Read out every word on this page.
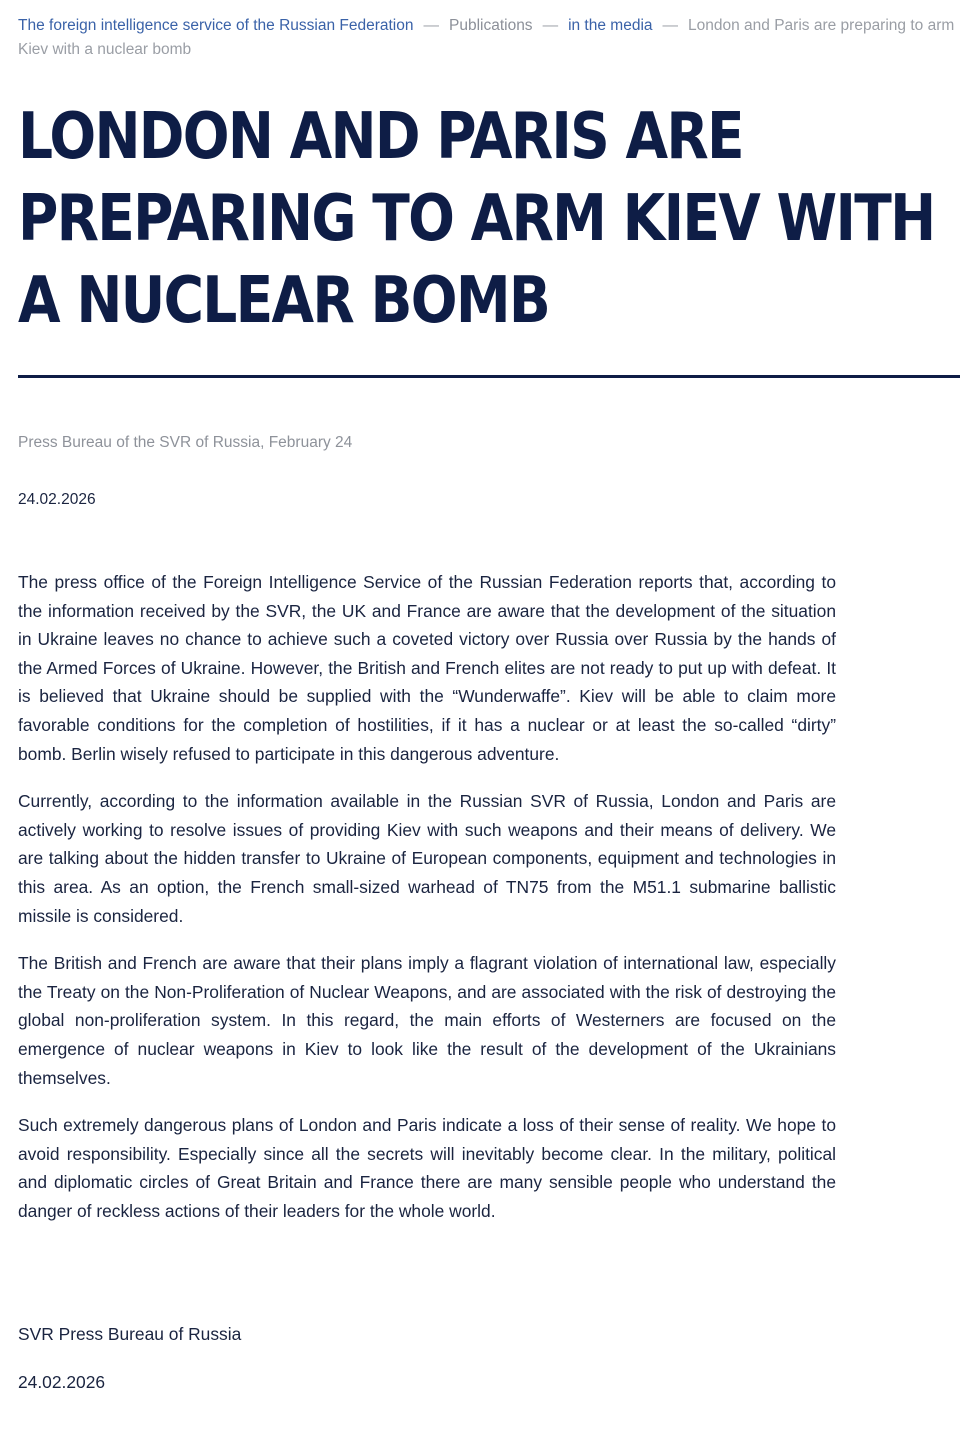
The foreign intelligence service of the Russian Federation — Publications — in the media — London and Paris are preparing to arm
Kiev with a nuclear bomb
LONDON AND PARIS ARE PREPARING TO ARM KIEV WITH A NUCLEAR BOMB
Press Bureau of the SVR of Russia, February 24
24.02.2026

The press office of the Foreign Intelligence Service of the Russian Federation reports that, according to the information received by the SVR, the UK and France are aware that the development of the situation in Ukraine leaves no chance to achieve such a coveted victory over Russia over Russia by the hands of the Armed Forces of Ukraine. However, the British and French elites are not ready to put up with defeat. It is believed that Ukraine should be supplied with the “Wunderwaffe”. Kiev will be able to claim more favorable conditions for the completion of hostilities, if it has a nuclear or at least the so-called “dirty” bomb. Berlin wisely refused to participate in this dangerous adventure.

Currently, according to the information available in the Russian SVR of Russia, London and Paris are actively working to resolve issues of providing Kiev with such weapons and their means of delivery. We are talking about the hidden transfer to Ukraine of European components, equipment and technologies in this area. As an option, the French small-sized warhead of TN75 from the M51.1 submarine ballistic missile is considered.

The British and French are aware that their plans imply a flagrant violation of international law, especially the Treaty on the Non-Proliferation of Nuclear Weapons, and are associated with the risk of destroying the global non-proliferation system. In this regard, the main efforts of Westerners are focused on the emergence of nuclear weapons in Kiev to look like the result of the development of the Ukrainians themselves.

Such extremely dangerous plans of London and Paris indicate a loss of their sense of reality. We hope to avoid responsibility. Especially since all the secrets will inevitably become clear. In the military, political and diplomatic circles of Great Britain and France there are many sensible people who understand the danger of reckless actions of their leaders for the whole world.

SVR Press Bureau of Russia
24.02.2026
